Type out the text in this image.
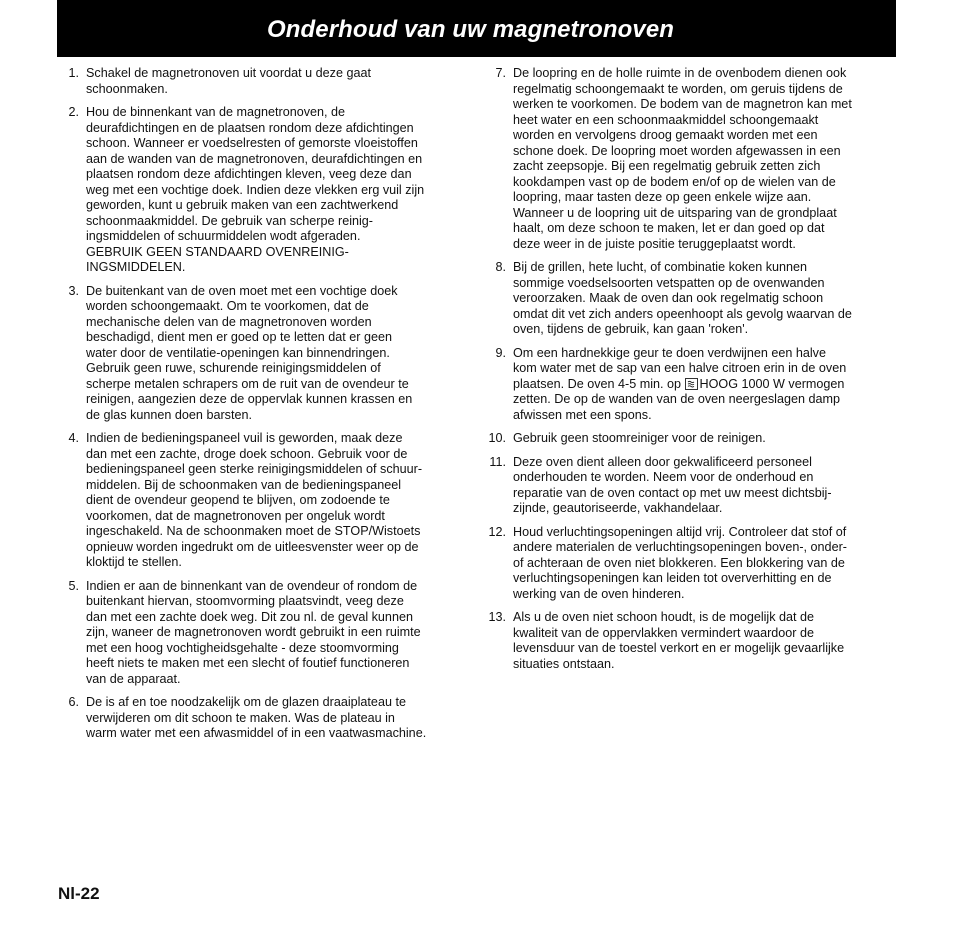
Onderhoud van uw magnetronoven
1. Schakel de magnetronoven uit voordat u deze gaat
schoonmaken.
2. Hou de binnenkant van de magnetronoven, de
deurafdichtingen en de plaatsen rondom deze afdichtingen
schoon. Wanneer er voedselresten of gemorste vloeistoffen
aan de wanden van de magnetronoven, deurafdichtingen en
plaatsen rondom deze afdichtingen kleven, veeg deze dan
weg met een vochtige doek. Indien deze vlekken erg vuil zijn
geworden, kunt u gebruik maken van een zachtwerkend
schoonmaakmiddel. De gebruik van scherpe reinig-
ingsmiddelen of schuurmiddelen wodt afgeraden.
GEBRUIK GEEN STANDAARD OVENREINIG-
INGSMIDDELEN.
3. De buitenkant van de oven moet met een vochtige doek
worden schoongemaakt. Om te voorkomen, dat de
mechanische delen van de magnetronoven worden
beschadigd, dient men er goed op te letten dat er geen
water door de ventilatie-openingen kan binnendringen.
Gebruik geen ruwe, schurende reinigingsmiddelen of
scherpe metalen schrapers om de ruit van de ovendeur te
reinigen, aangezien deze de oppervlak kunnen krassen en
de glas kunnen doen barsten.
4. Indien de bedieningspaneel vuil is geworden, maak deze
dan met een zachte, droge doek schoon. Gebruik voor de
bedieningspaneel geen sterke reinigingsmiddelen of schuur-
middelen. Bij de schoonmaken van de bedieningspaneel
dient de ovendeur geopend te blijven, om zodoende te
voorkomen, dat de magnetronoven per ongeluk wordt
ingeschakeld. Na de schoonmaken moet de STOP/Wistoets
opnieuw worden ingedrukt om de uitleesvenster weer op de
kloktijd te stellen.
5. Indien er aan de binnenkant van de ovendeur of rondom de
buitenkant hiervan, stoomvorming plaatsvindt, veeg deze
dan met een zachte doek weg. Dit zou nl. de geval kunnen
zijn, waneer de magnetronoven wordt gebruikt in een ruimte
met een hoog vochtigheidsgehalte - deze stoomvorming
heeft niets te maken met een slecht of foutief functioneren
van de apparaat.
6. De is af en toe noodzakelijk om de glazen draaiplateau te
verwijderen om dit schoon te maken. Was de plateau in
warm water met een afwasmiddel of in een vaatwasmachine.
7. De loopring en de holle ruimte in de ovenbodem dienen ook
regelmatig schoongemaakt te worden, om geruis tijdens de
werken te voorkomen. De bodem van de magnetron kan met
heet water en een schoonmaakmiddel schoongemaakt
worden en vervolgens droog gemaakt worden met een
schone doek. De loopring moet worden afgewassen in een
zacht zeepsopje. Bij een regelmatig gebruik zetten zich
kookdampen vast op de bodem en/of op de wielen van de
loopring, maar tasten deze op geen enkele wijze aan.
Wanneer u de loopring uit de uitsparing van de grondplaat
haalt, om deze schoon te maken, let er dan goed op dat
deze weer in de juiste positie teruggeplaatst wordt.
8. Bij de grillen, hete lucht, of combinatie koken kunnen
sommige voedselsoorten vetspatten op de ovenwanden
veroorzaken. Maak de oven dan ook regelmatig schoon
omdat dit vet zich anders opeenhoopt als gevolg waarvan de
oven, tijdens de gebruik, kan gaan 'roken'.
9. Om een hardnekkige geur te doen verdwijnen een halve
kom water met de sap van een halve citroen erin in de oven
plaatsen. De oven 4-5 min. op
HOOG 1000 W vermogen
zetten. De op de wanden van de oven neergeslagen damp
afwissen met een spons.
10. Gebruik geen stoomreiniger voor de reinigen.
11. Deze oven dient alleen door gekwalificeerd personeel
onderhouden te worden. Neem voor de onderhoud en
reparatie van de oven contact op met uw meest dichtsbij-
zijnde, geautoriseerde, vakhandelaar.
12. Houd verluchtingsopeningen altijd vrij. Controleer dat stof of
andere materialen de verluchtingsopeningen boven-, onder-
of achteraan de oven niet blokkeren. Een blokkering van de
verluchtingsopeningen kan leiden tot oververhitting en de
werking van de oven hinderen.
13. Als u de oven niet schoon houdt, is de mogelijk dat de
kwaliteit van de oppervlakken vermindert waardoor de
levensduur van de toestel verkort en er mogelijk gevaarlijke
situaties ontstaan.
Nl-22
